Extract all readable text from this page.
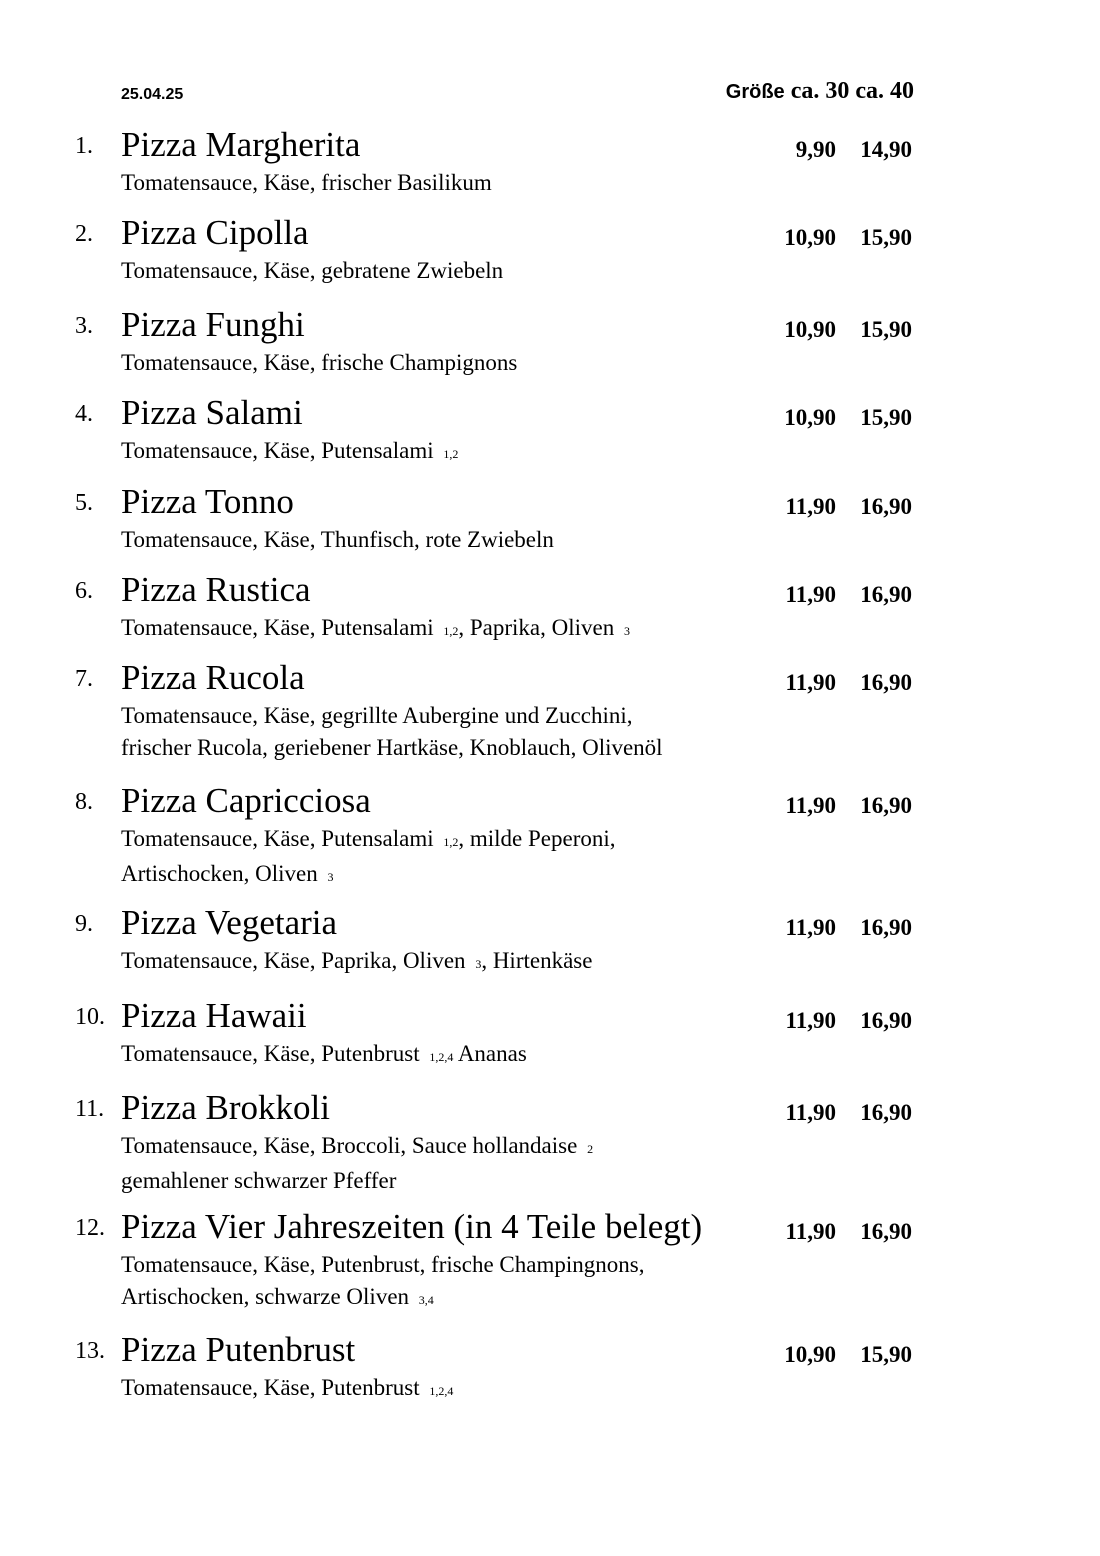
25.04.25	Größe ca. 30 ca. 40
1. Pizza Margherita
Tomatensauce, Käse, frischer Basilikum
9,90 14,90
2. Pizza Cipolla
Tomatensauce, Käse, gebratene Zwiebeln
10,90 15,90
3. Pizza Funghi
Tomatensauce, Käse, frische Champignons
10,90 15,90
4. Pizza Salami
Tomatensauce, Käse, Putensalami 1,2
10,90 15,90
5. Pizza Tonno
Tomatensauce, Käse, Thunfisch, rote Zwiebeln
11,90 16,90
6. Pizza Rustica
Tomatensauce, Käse, Putensalami 1,2, Paprika, Oliven 3
11,90 16,90
7. Pizza Rucola
Tomatensauce, Käse, gegrillte Aubergine und Zucchini,
frischer Rucola, geriebener Hartkäse, Knoblauch, Olivenöl
11,90 16,90
8. Pizza Capricciosa
Tomatensauce, Käse, Putensalami 1,2, milde Peperoni,
Artischocken, Oliven 3
11,90 16,90
9. Pizza Vegetaria
Tomatensauce, Käse, Paprika, Oliven 3, Hirtenkäse
11,90 16,90
10. Pizza Hawaii
Tomatensauce, Käse, Putenbrust 1,2,4 Ananas
11,90 16,90
11. Pizza Brokkoli
Tomatensauce, Käse, Broccoli, Sauce hollandaise 2
gemahlener schwarzer Pfeffer
11,90 16,90
12. Pizza Vier Jahreszeiten (in 4 Teile belegt)
Tomatensauce, Käse, Putenbrust, frische Champingnons,
Artischocken, schwarze Oliven 3,4
11,90 16,90
13. Pizza Putenbrust
Tomatensauce, Käse, Putenbrust 1,2,4
10,90 15,90
